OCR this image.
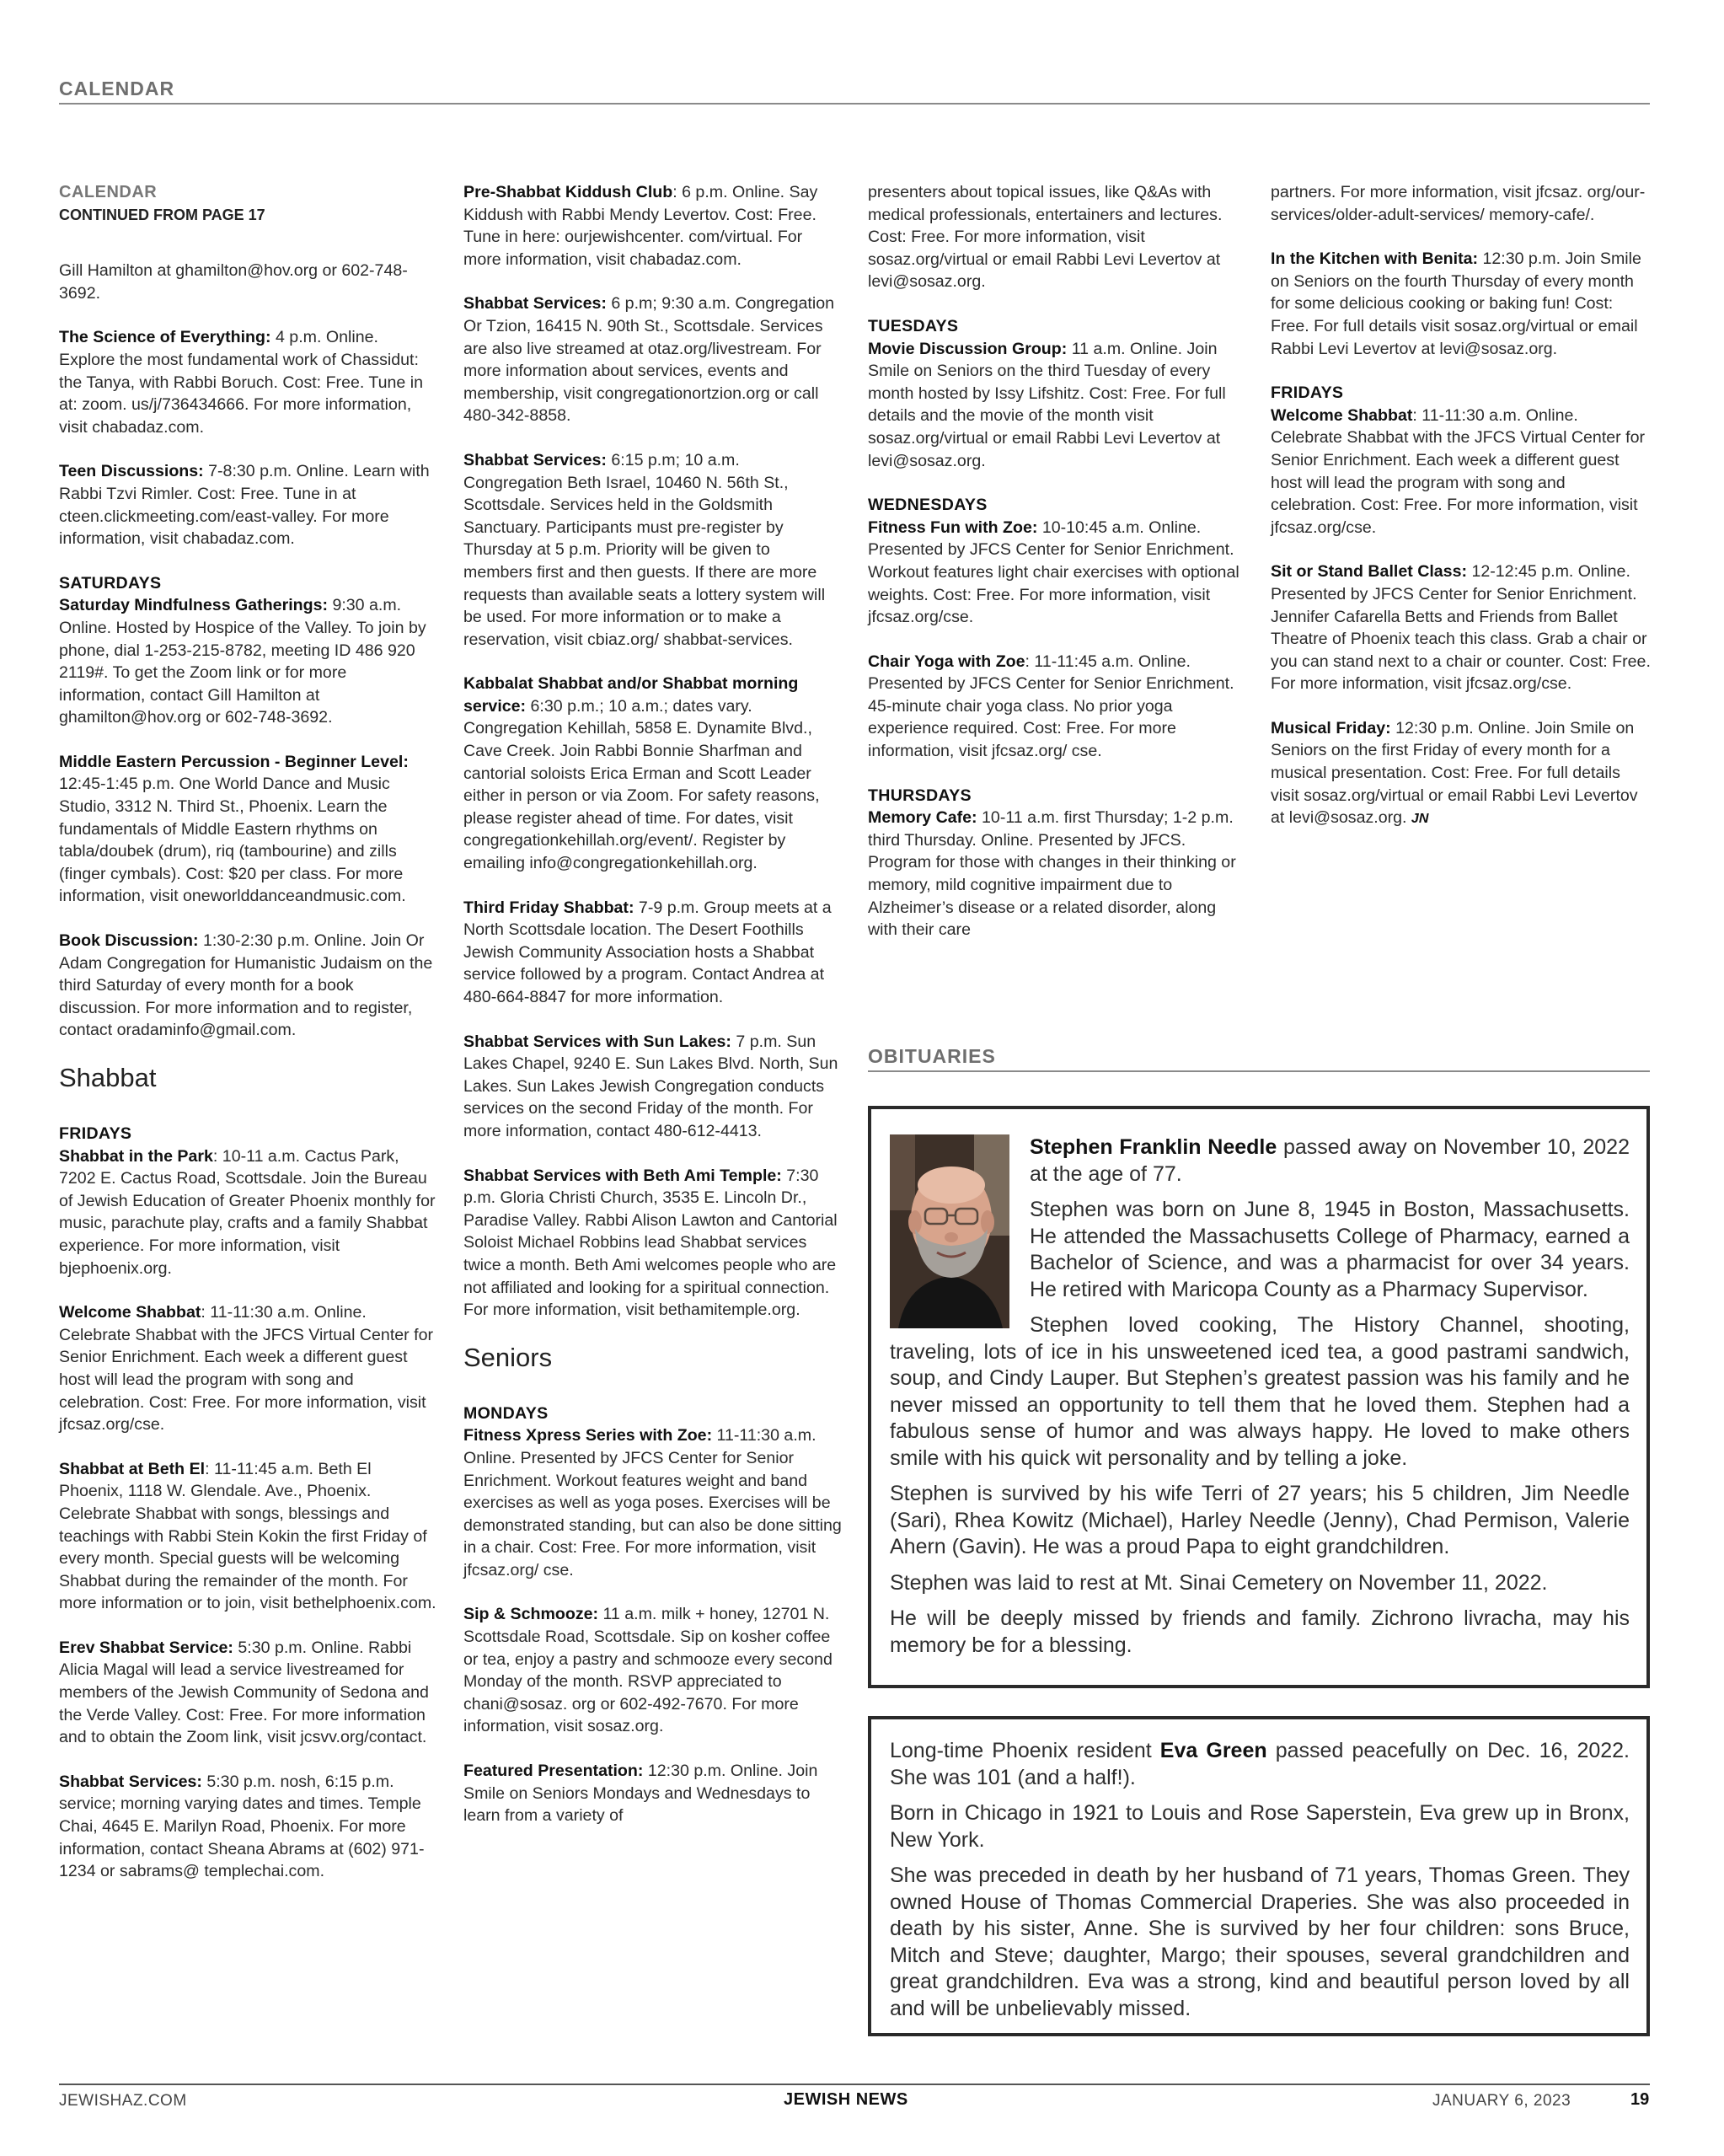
CALENDAR
CALENDAR
CONTINUED FROM PAGE 17

Gill Hamilton at ghamilton@hov.org or 602-748-3692.

The Science of Everything: 4 p.m. Online. Explore the most fundamental work of Chassidut: the Tanya, with Rabbi Boruch. Cost: Free. Tune in at: zoom. us/j/736434666. For more information, visit chabadaz.com.

Teen Discussions: 7-8:30 p.m. Online. Learn with Rabbi Tzvi Rimler. Cost: Free. Tune in at cteen.clickmeeting.com/east-valley. For more information, visit chabadaz.com.

SATURDAYS

Saturday Mindfulness Gatherings: 9:30 a.m. Online. Hosted by Hospice of the Valley. To join by phone, dial 1-253-215-8782, meeting ID 486 920 2119#. To get the Zoom link or for more information, contact Gill Hamilton at ghamilton@hov.org or 602-748-3692.

Middle Eastern Percussion - Beginner Level: 12:45-1:45 p.m. One World Dance and Music Studio, 3312 N. Third St., Phoenix. Learn the fundamentals of Middle Eastern rhythms on tabla/doubek (drum), riq (tambourine) and zills (finger cymbals). Cost: $20 per class. For more information, visit oneworlddanceandmusic.com.

Book Discussion: 1:30-2:30 p.m. Online. Join Or Adam Congregation for Humanistic Judaism on the third Saturday of every month for a book discussion. For more information and to register, contact oradaminfo@gmail.com.

Shabbat
FRIDAYS

Shabbat in the Park: 10-11 a.m. Cactus Park, 7202 E. Cactus Road, Scottsdale. Join the Bureau of Jewish Education of Greater Phoenix monthly for music, parachute play, crafts and a family Shabbat experience. For more information, visit bjephoenix.org.

Welcome Shabbat: 11-11:30 a.m. Online. Celebrate Shabbat with the JFCS Virtual Center for Senior Enrichment. Each week a different guest host will lead the program with song and celebration. Cost: Free. For more information, visit jfcsaz.org/cse.

Shabbat at Beth El: 11-11:45 a.m. Beth El Phoenix, 1118 W. Glendale. Ave., Phoenix. Celebrate Shabbat with songs, blessings and teachings with Rabbi Stein Kokin the first Friday of every month. Special guests will be welcoming Shabbat during the remainder of the month. For more information or to join, visit bethelphoenix.com.

Erev Shabbat Service: 5:30 p.m. Online. Rabbi Alicia Magal will lead a service livestreamed for members of the Jewish Community of Sedona and the Verde Valley. Cost: Free. For more information and to obtain the Zoom link, visit jcsvv.org/contact.

Shabbat Services: 5:30 p.m. nosh, 6:15 p.m. service; morning varying dates and times. Temple Chai, 4645 E. Marilyn Road, Phoenix. For more information, contact Sheana Abrams at (602) 971-1234 or sabrams@ templechai.com.

Pre-Shabbat Kiddush Club: 6 p.m. Online. Say Kiddush with Rabbi Mendy Levertov. Cost: Free. Tune in here: ourjewishcenter. com/virtual. For more information, visit chabadaz.com.

Shabbat Services: 6 p.m; 9:30 a.m. Congregation Or Tzion, 16415 N. 90th St., Scottsdale. Services are also live streamed at otaz.org/livestream. For more information about services, events and membership, visit congregationortzion.org or call 480-342-8858.

Shabbat Services: 6:15 p.m; 10 a.m. Congregation Beth Israel, 10460 N. 56th St., Scottsdale. Services held in the Goldsmith Sanctuary. Participants must pre-register by Thursday at 5 p.m. Priority will be given to members first and then guests. If there are more requests than available seats a lottery system will be used. For more information or to make a reservation, visit cbiaz.org/ shabbat-services.

Kabbalat Shabbat and/or Shabbat morning service: 6:30 p.m.; 10 a.m.; dates vary. Congregation Kehillah, 5858 E. Dynamite Blvd., Cave Creek. Join Rabbi Bonnie Sharfman and cantorial soloists Erica Erman and Scott Leader either in person or via Zoom. For safety reasons, please register ahead of time. For dates, visit congregationkehillah.org/event/. Register by emailing info@congregationkehillah.org.

Third Friday Shabbat: 7-9 p.m. Group meets at a North Scottsdale location. The Desert Foothills Jewish Community Association hosts a Shabbat service followed by a program. Contact Andrea at 480-664-8847 for more information.

Shabbat Services with Sun Lakes: 7 p.m. Sun Lakes Chapel, 9240 E. Sun Lakes Blvd. North, Sun Lakes. Sun Lakes Jewish Congregation conducts services on the second Friday of the month. For more information, contact 480-612-4413.

Shabbat Services with Beth Ami Temple: 7:30 p.m. Gloria Christi Church, 3535 E. Lincoln Dr., Paradise Valley. Rabbi Alison Lawton and Cantorial Soloist Michael Robbins lead Shabbat services twice a month. Beth Ami welcomes people who are not affiliated and looking for a spiritual connection. For more information, visit bethamitemple.org.

Seniors
MONDAYS

Fitness Xpress Series with Zoe: 11-11:30 a.m. Online. Presented by JFCS Center for Senior Enrichment. Workout features weight and band exercises as well as yoga poses. Exercises will be demonstrated standing, but can also be done sitting in a chair. Cost: Free. For more information, visit jfcsaz.org/ cse.

Sip & Schmooze: 11 a.m. milk + honey, 12701 N. Scottsdale Road, Scottsdale. Sip on kosher coffee or tea, enjoy a pastry and schmooze every second Monday of the month. RSVP appreciated to chani@sosaz. org or 602-492-7670. For more information, visit sosaz.org.

Featured Presentation: 12:30 p.m. Online. Join Smile on Seniors Mondays and Wednesdays to learn from a variety of

presenters about topical issues, like Q&As with medical professionals, entertainers and lectures. Cost: Free. For more information, visit sosaz.org/virtual or email Rabbi Levi Levertov at levi@sosaz.org.

TUESDAYS

Movie Discussion Group: 11 a.m. Online. Join Smile on Seniors on the third Tuesday of every month hosted by Issy Lifshitz. Cost: Free. For full details and the movie of the month visit sosaz.org/virtual or email Rabbi Levi Levertov at levi@sosaz.org.

WEDNESDAYS

Fitness Fun with Zoe: 10-10:45 a.m. Online. Presented by JFCS Center for Senior Enrichment. Workout features light chair exercises with optional weights. Cost: Free. For more information, visit jfcsaz.org/cse.

Chair Yoga with Zoe: 11-11:45 a.m. Online. Presented by JFCS Center for Senior Enrichment. 45-minute chair yoga class. No prior yoga experience required. Cost: Free. For more information, visit jfcsaz.org/ cse.

THURSDAYS

Memory Cafe: 10-11 a.m. first Thursday; 1-2 p.m. third Thursday. Online. Presented by JFCS. Program for those with changes in their thinking or memory, mild cognitive impairment due to Alzheimer’s disease or a related disorder, along with their care

partners. For more information, visit jfcsaz. org/our-services/older-adult-services/ memory-cafe/.

In the Kitchen with Benita: 12:30 p.m. Join Smile on Seniors on the fourth Thursday of every month for some delicious cooking or baking fun! Cost: Free. For full details visit sosaz.org/virtual or email Rabbi Levi Levertov at levi@sosaz.org.

FRIDAYS

Welcome Shabbat: 11-11:30 a.m. Online. Celebrate Shabbat with the JFCS Virtual Center for Senior Enrichment. Each week a different guest host will lead the program with song and celebration. Cost: Free. For more information, visit jfcsaz.org/cse.

Sit or Stand Ballet Class: 12-12:45 p.m. Online. Presented by JFCS Center for Senior Enrichment. Jennifer Cafarella Betts and Friends from Ballet Theatre of Phoenix teach this class. Grab a chair or you can stand next to a chair or counter. Cost: Free. For more information, visit jfcsaz.org/cse.

Musical Friday: 12:30 p.m. Online. Join Smile on Seniors on the first Friday of every month for a musical presentation. Cost: Free. For full details visit sosaz.org/virtual or email Rabbi Levi Levertov at levi@sosaz.org. JN

OBITUARIES

Stephen Franklin Needle passed away on November 10, 2022 at the age of 77.

Stephen was born on June 8, 1945 in Boston, Massachusetts. He attended the Massachusetts College of Pharmacy, earned a Bachelor of Science, and was a pharmacist for over 34 years. He retired with Maricopa County as a Pharmacy Supervisor.

Stephen loved cooking, The History Channel, shooting, traveling, lots of ice in his unsweetened iced tea, a good pastrami sandwich, soup, and Cindy Lauper. But Stephen’s greatest passion was his family and he never missed an opportunity to tell them that he loved them. Stephen had a fabulous sense of humor and was always happy. He loved to make others smile with his quick wit personality and by telling a joke.

Stephen is survived by his wife Terri of 27 years; his 5 children, Jim Needle (Sari), Rhea Kowitz (Michael), Harley Needle (Jenny), Chad Permison, Valerie Ahern (Gavin). He was a proud Papa to eight grandchildren.

Stephen was laid to rest at Mt. Sinai Cemetery on November 11, 2022.

He will be deeply missed by friends and family. Zichrono livracha, may his memory be for a blessing.

Long-time Phoenix resident Eva Green passed peacefully on Dec. 16, 2022. She was 101 (and a half!).

Born in Chicago in 1921 to Louis and Rose Saperstein, Eva grew up in Bronx, New York.

She was preceded in death by her husband of 71 years, Thomas Green. They owned House of Thomas Commercial Draperies. She was also proceeded in death by his sister, Anne. She is survived by her four children: sons Bruce, Mitch and Steve; daughter, Margo; their spouses, several grandchildren and great grandchildren. Eva was a strong, kind and beautiful person loved by all and will be unbelievably missed.

JEWISHAZ.COM	JEWISH NEWS	JANUARY 6, 2023	19
